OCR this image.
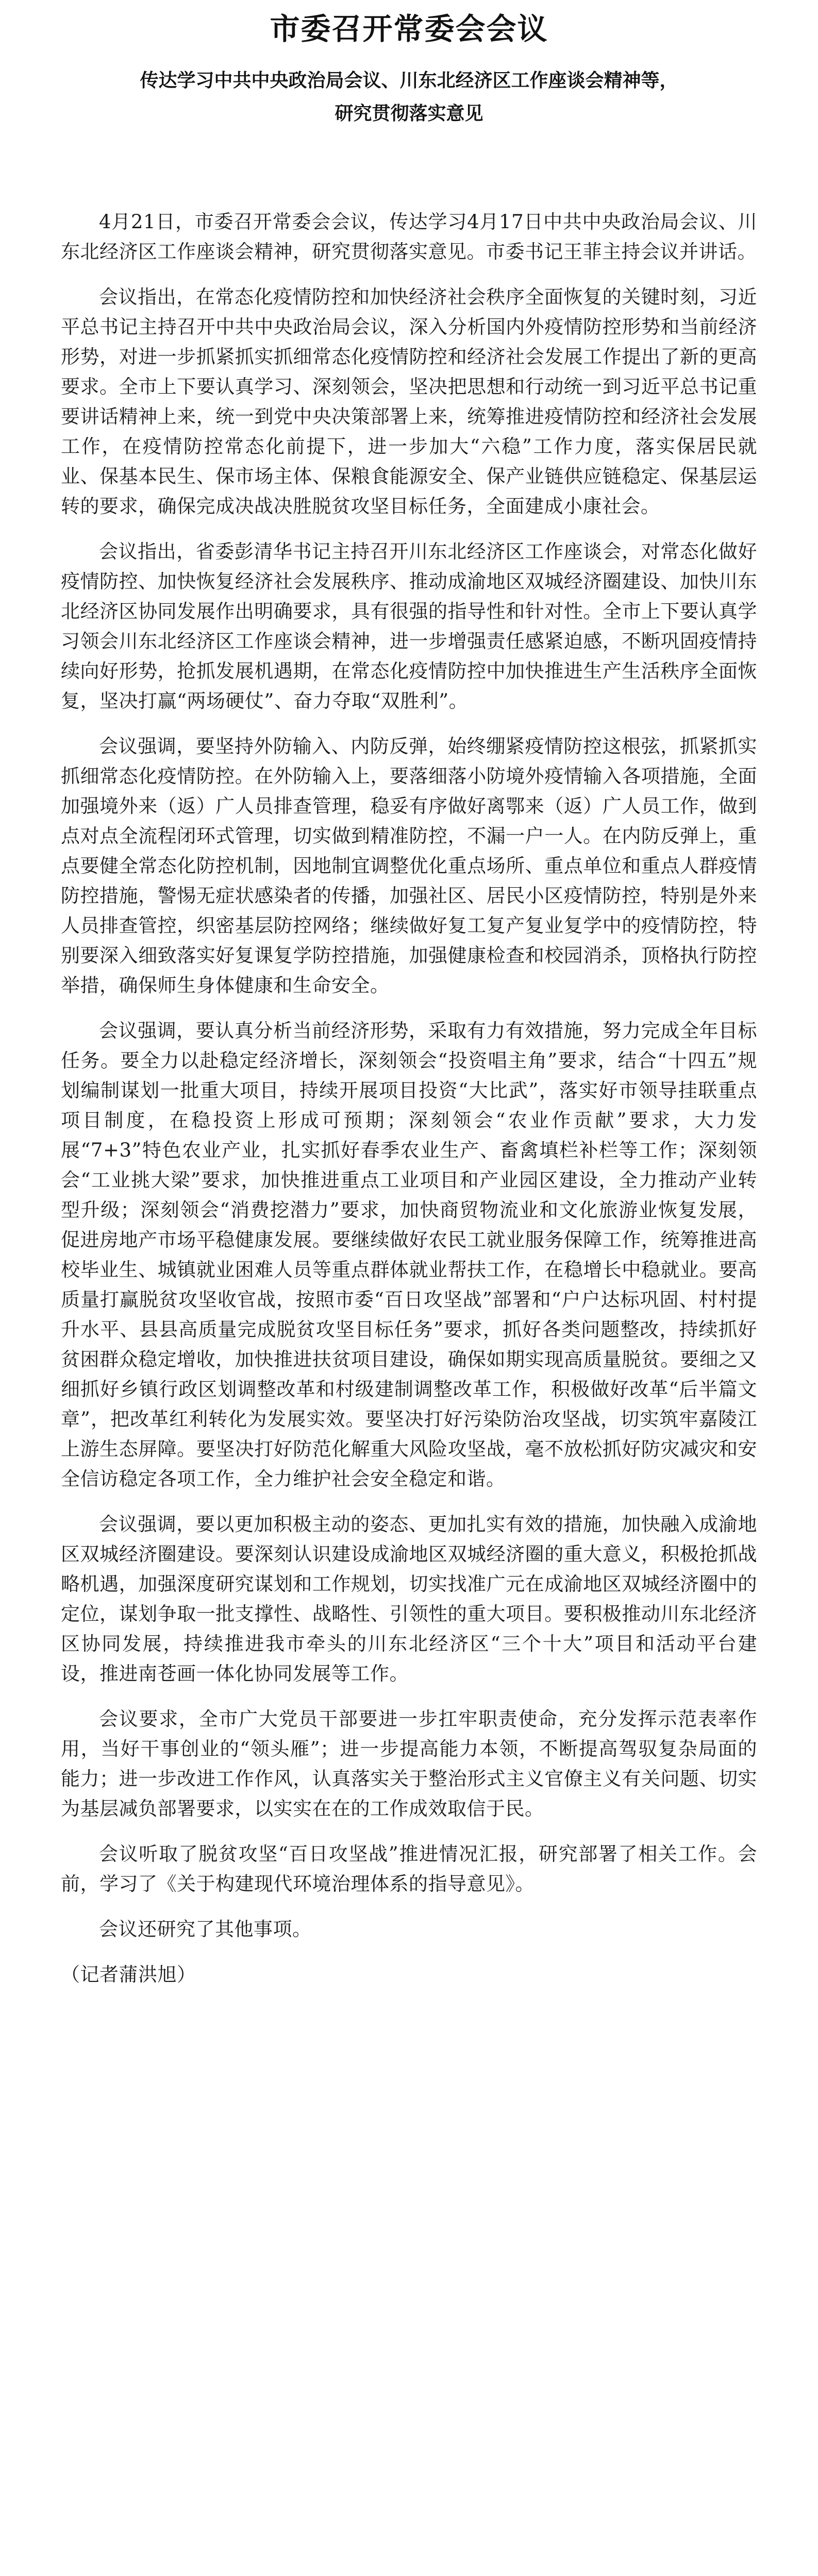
市委召开常委会会议
传达学习中共中央政治局会议、川东北经济区工作座谈会精神等，
研究贯彻落实意见

4月21日，市委召开常委会会议，传达学习4月17日中共中央政治局会议、川东北经济区工作座谈会精神，研究贯彻落实意见。市委书记王菲主持会议并讲话。

会议指出，在常态化疫情防控和加快经济社会秩序全面恢复的关键时刻，习近平总书记主持召开中共中央政治局会议，深入分析国内外疫情防控形势和当前经济形势，对进一步抓紧抓实抓细常态化疫情防控和经济社会发展工作提出了新的更高要求。全市上下要认真学习、深刻领会，坚决把思想和行动统一到习近平总书记重要讲话精神上来，统一到党中央决策部署上来，统筹推进疫情防控和经济社会发展工作，在疫情防控常态化前提下，进一步加大“六稳”工作力度，落实保居民就业、保基本民生、保市场主体、保粮食能源安全、保产业链供应链稳定、保基层运转的要求，确保完成决战决胜脱贫攻坚目标任务，全面建成小康社会。

会议指出，省委彭清华书记主持召开川东北经济区工作座谈会，对常态化做好疫情防控、加快恢复经济社会发展秩序、推动成渝地区双城经济圈建设、加快川东北经济区协同发展作出明确要求，具有很强的指导性和针对性。全市上下要认真学习领会川东北经济区工作座谈会精神，进一步增强责任感紧迫感，不断巩固疫情持续向好形势，抢抓发展机遇期，在常态化疫情防控中加快推进生产生活秩序全面恢复，坚决打赢“两场硬仗”、奋力夺取“双胜利”。

会议强调，要坚持外防输入、内防反弹，始终绷紧疫情防控这根弦，抓紧抓实抓细常态化疫情防控。在外防输入上，要落细落小防境外疫情输入各项措施，全面加强境外来（返）广人员排查管理，稳妥有序做好离鄂来（返）广人员工作，做到点对点全流程闭环式管理，切实做到精准防控，不漏一户一人。在内防反弹上，重点要健全常态化防控机制，因地制宜调整优化重点场所、重点单位和重点人群疫情防控措施，警惕无症状感染者的传播，加强社区、居民小区疫情防控，特别是外来人员排查管控，织密基层防控网络；继续做好复工复产复业复学中的疫情防控，特别要深入细致落实好复课复学防控措施，加强健康检查和校园消杀，顶格执行防控举措，确保师生身体健康和生命安全。

会议强调，要认真分析当前经济形势，采取有力有效措施，努力完成全年目标任务。要全力以赴稳定经济增长，深刻领会“投资唱主角”要求，结合“十四五”规划编制谋划一批重大项目，持续开展项目投资“大比武”，落实好市领导挂联重点项目制度，在稳投资上形成可预期；深刻领会“农业作贡献”要求，大力发展“7+3”特色农业产业，扎实抓好春季农业生产、畜禽填栏补栏等工作；深刻领会“工业挑大梁”要求，加快推进重点工业项目和产业园区建设，全力推动产业转型升级；深刻领会“消费挖潜力”要求，加快商贸物流业和文化旅游业恢复发展，促进房地产市场平稳健康发展。要继续做好农民工就业服务保障工作，统筹推进高校毕业生、城镇就业困难人员等重点群体就业帮扶工作，在稳增长中稳就业。要高质量打赢脱贫攻坚收官战，按照市委“百日攻坚战”部署和“户户达标巩固、村村提升水平、县县高质量完成脱贫攻坚目标任务”要求，抓好各类问题整改，持续抓好贫困群众稳定增收，加快推进扶贫项目建设，确保如期实现高质量脱贫。要细之又细抓好乡镇行政区划调整改革和村级建制调整改革工作，积极做好改革“后半篇文章”，把改革红利转化为发展实效。要坚决打好污染防治攻坚战，切实筑牢嘉陵江上游生态屏障。要坚决打好防范化解重大风险攻坚战，毫不放松抓好防灾减灾和安全信访稳定各项工作，全力维护社会安全稳定和谐。

会议强调，要以更加积极主动的姿态、更加扎实有效的措施，加快融入成渝地区双城经济圈建设。要深刻认识建设成渝地区双城经济圈的重大意义，积极抢抓战略机遇，加强深度研究谋划和工作规划，切实找准广元在成渝地区双城经济圈中的定位，谋划争取一批支撑性、战略性、引领性的重大项目。要积极推动川东北经济区协同发展，持续推进我市牵头的川东北经济区“三个十大”项目和活动平台建设，推进南苍画一体化协同发展等工作。

会议要求，全市广大党员干部要进一步扛牢职责使命，充分发挥示范表率作用，当好干事创业的“领头雁”；进一步提高能力本领，不断提高驾驭复杂局面的能力；进一步改进工作作风，认真落实关于整治形式主义官僚主义有关问题、切实为基层减负部署要求，以实实在在的工作成效取信于民。

会议听取了脱贫攻坚“百日攻坚战”推进情况汇报，研究部署了相关工作。会前，学习了《关于构建现代环境治理体系的指导意见》。

会议还研究了其他事项。

（记者蒲洪旭）
